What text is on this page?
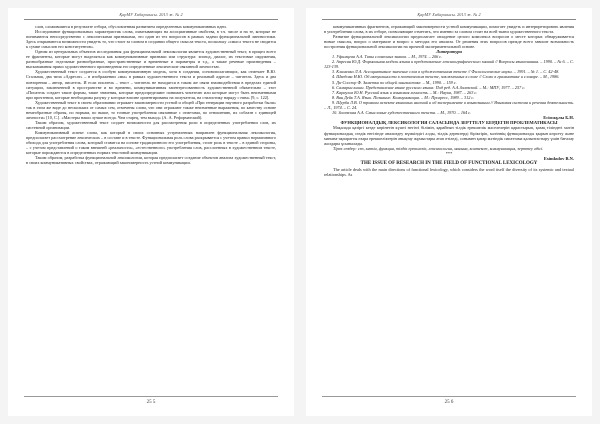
ҚарМУ Хабаршысы. 2013 ж. № 2

слов, сложившиеся в результате отбора, обусловленная развитием определенных коммуникативных идеи.

Исследование функциональных характеристик слова, охватывающих на ассоциативные свойства, в т.ч. числе и на те, которые не понимаются непосредственно с лексическими признаками, это один из тех вопросов в рамках задачи функциональной лингвистики. Здесь открываются возможности увидеть то, что стоит за словом в создании общего смысла текста, поскольку «смысл текста не сводится к сумме смыслов его конституентов».

Одним из центральных объектов исследования для функциональной лексикологии является художественный текст, в прицел всего ее фрагменты, которые могут выделяться как коммуникативные признаки или структура: эпизод, диалог, их текстовые окружения, разнообразные отдельные разнообразные, пространственные и временные и параметры и т.д., а также речевые произведения – высказывания прямо художественного произведения его определенные лексические связанной личностью.

Художественный текст создается в особую коммуникативную модель, хотя в создании, основополагающих, как отмечает В.Ю. Стальная, два типа «Адресат» – в изображении «мы» в рамках художественного текста и реальный адресат – читатель. Здесь и два повторения – автор, писатель. И если писатель – текст – читатель не находятся в таком же связи взаимодействия в пределах единой ситуации, заключенной в пространстве и во времени, коммуникативная заинтересованность художественной обязательно – этот «Писатель создает такие формы, такие значения, которые предопределяют понимать читателю или которые могут быть неизменными при прочтении, которые необходимы разуму у которые вполне ориентированы на получателя, на стилистику наряду с ним» [9, с. 122].

Художественный текст в своем образовании отражает закономерности устной и общей «При генерации научного разработки были» так в этом же виде до нескольких от самых сем, отмечены слова, что они отражают также неизменные выражения, по качеству основе немеобразные образы, по нормам, по выше, то точные употребления связанные с отметами, по отношению, их соблазн с единицей личности» [10, С.]. «Мастеры наши лучше всегда. Чем старец, тем выход» (А. А. Реформатский).

Таким образом, художественный текст создает возможности для рассмотрения роли в определенных употреблении слов, их системной организации.

Коммуникативный аспект слова, как который в своих основных устремлениях направлен функциональная лексикология, предполагает рассмотрение лексических – в составе и в тексте. Функциональная роль слова раскрывается с учетом правил нормативного обихода для употребления слова, который ставится на основе традиционного его употребления, стоит роль в тексте – в единой стороны, – с учетом представлений о таком внешней «реальности», «естественного» употребления слов, расслоенных в художественном тексте, которые порождаются в определенных нормах текстовой коммуникации.

Таким образом, разработка функциональной лексикологии, которая предполагает создание объектов анализа художественный текст, в своих коммуникативных свойствах, отражающий закономерность устной коммуникации.

25 5
ҚарМУ Хабаршысы. 2013 ж. № 2

коммуникативных фрагментов, отражающий закономерности устной коммуникации, помогает увидеть и интерпретировать явления в употреблении слова, в их отборе, позволяющие отметить, что именно за словом стоит на всей ткани художественного текста.

Развитие функциональной лексикологии предполагает овладение целого комплекса вопросов о месте которых обнаруживается новые смыслы, вопрос о материале и вопрос о методах его анализа. От решения этих вопросов прежде всего зависит возможность построения функциональной лексикологии на прочной экспериментальной основе.

Литература

1. Уфимцева А.А. Типы словесных знаков. – М., 1974. – 206 с.
2. Апресян Ю.Д. Формальная модель языка и представление лексикографического знаний // Вопросы языкознания. – 1990. – № 6. – С. 123-139.
3. Клименко Л.А. Ассоциативное значение слов в художественном тексте // Филологические науки. – 1991. – № 1. – С. 42-48.
4. Шведова Н.Ю. Об актуальности в поэтическом тексте, заключенных в слове // Слово в грамматике и словаре. – М., 1986.
5. Ди-Соссюр Ф. Заметки по общей лингвистике. – М., 1990. – 159 с.
6. Самарин книги. Представление языке русского языка: Под ред. А.А.Залевской. – М.: МПУ, 1977. – 257 с.
7. Караулов Ю.Н. Русский язык и языковая личность. – М.: Наука, 1987. – 263 с.
8. Ван Дейк Т.А. Язык. Познание. Коммуникация. – М.: Прогресс, 1989. – 312 с.
9. Щерба Л.В. О трояком аспекте языковых явлений и об эксперименте в языкознании // Языковая система и речевая деятельность. – Л., 1974. – С. 24.
10. Залевская А.А. Смысловые художественного текста. – М., 1970. – 164 с.

Есімжұлы Б.Н.

ФУНКЦИОНАЛДЫҚ ЛЕКСИКОЛОГИЯ САЛАСЫНДА ЗЕРТТЕЛУ БЕРДЕГІН ПРОБЛЕМАТИКАСЫ

Мақалада қазіргі кезде көрінетін күшті негізгі білімін, қарайтын тілдік ерекшелік мәселелерін қарастырып, қазақ тіліндегі мәтін функционалдық сөздік негізінде анализдеу мүмкіндігі алды, тілдік деректерді біріктіріп, мәтіннің функционалды қырын көрсету және мағына-ақпаратты өзара ерекшеліктерін анықтау жұмыстары атап өтіледі, сонымен қатар мәтіндік сипаттама қалыптастыру үшін бағалау жолдары ұсынылады.

Тірек сөздер: сөз, мәтін, функция, тілдік ерекшелік, лексикология, мағына, контекст, коммуникация, зерттеу әдісі.

***

Esimkulov B.N.

THE ISSUE OF RESEARCH IN THE FIELD OF FUNCTIONAL LEXICOLOGY

The article deals with the main directions of functional lexicology, which considers the word itself the diversity of its systemic and textual relationships. As

25 6
